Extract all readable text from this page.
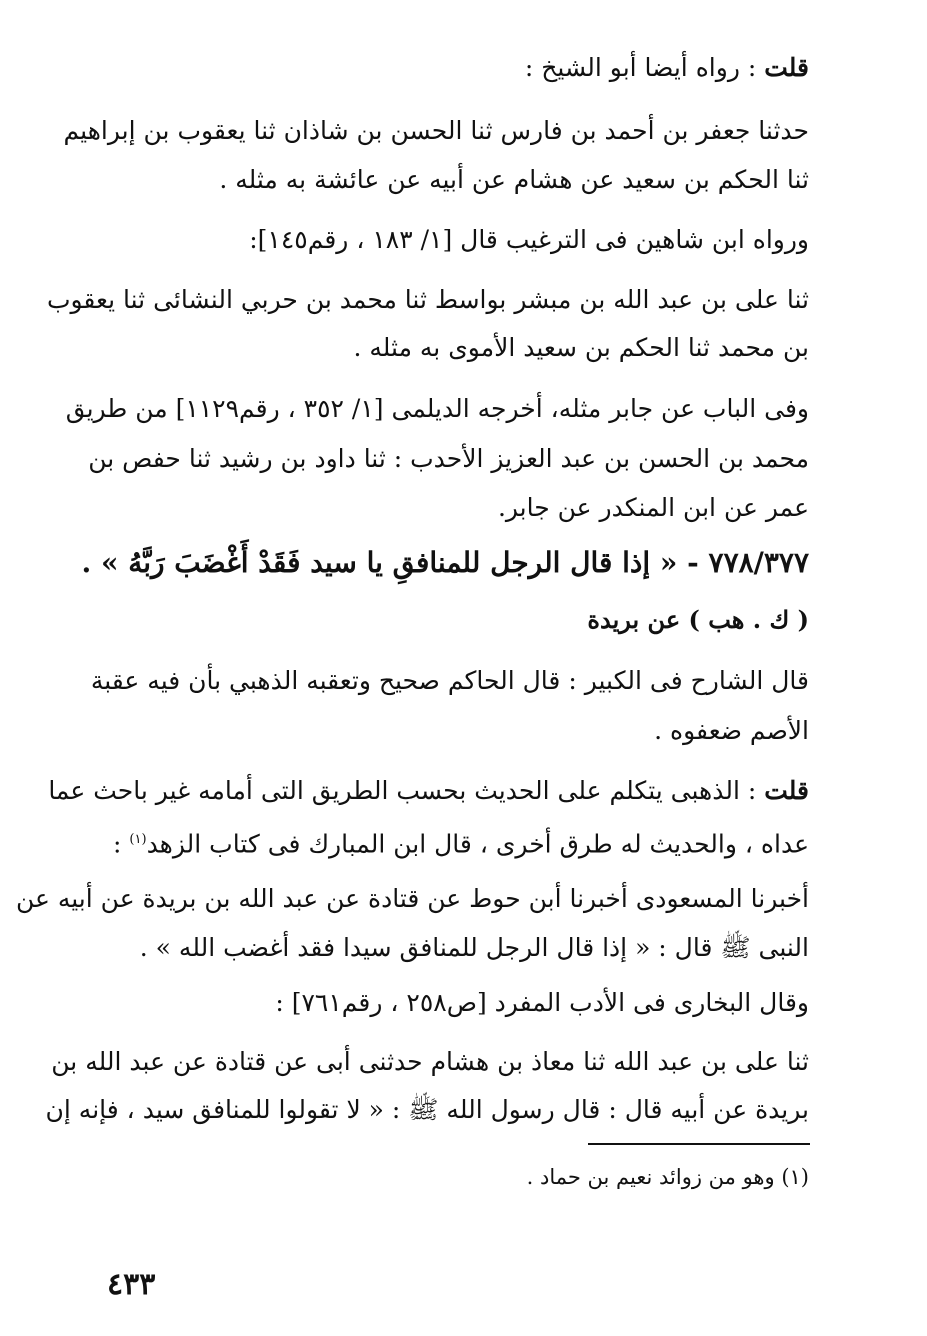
قلت : رواه أيضا أبو الشيخ :
حدثنا جعفر بن أحمد بن فارس ثنا الحسن بن شاذان ثنا يعقوب بن إبراهيم
ثنا الحكم بن سعيد عن هشام عن أبيه عن عائشة به مثله .
ورواه ابن شاهين فى الترغيب قال [١/ ١٨٣ ، رقم١٤٥]:
ثنا على بن عبد الله بن مبشر بواسط ثنا محمد بن حربي النشائى ثنا يعقوب
بن محمد ثنا الحكم بن سعيد الأموى به مثله .
وفى الباب عن جابر مثله، أخرجه الديلمى [١/ ٣٥٢ ، رقم١١٢٩] من طريق
محمد بن الحسن بن عبد العزيز الأحدب : ثنا داود بن رشيد ثنا حفص بن
عمر عن ابن المنكدر عن جابر.
٧٧٨/٣٧٧ - « إذا قال الرجل للمنافقِ يا سيد فَقَدْ أَغْضَبَ رَبَّهُ » .
( ك . هب ) عن بريدة
قال الشارح فى الكبير : قال الحاكم صحيح وتعقبه الذهبي بأن فيه عقبة
الأصم ضعفوه .
قلت : الذهبى يتكلم على الحديث بحسب الطريق التى أمامه غير باحث عما
عداه ، والحديث له طرق أخرى ، قال ابن المبارك فى كتاب الزهد$^{(١)}$ :
أخبرنا المسعودى أخبرنا أبن حوط عن قتادة عن عبد الله بن بريدة عن أبيه عن
النبى ﷺ قال : « إذا قال الرجل للمنافق سيدا فقد أغضب الله » .
وقال البخارى فى الأدب المفرد [ص٢٥٨ ، رقم٧٦١] :
ثنا على بن عبد الله ثنا معاذ بن هشام حدثنى أبى عن قتادة عن عبد الله بن
بريدة عن أبيه قال : قال رسول الله ﷺ : « لا تقولوا للمنافق سيد ، فإنه إن
(١) وهو من زوائد نعيم بن حماد .
٤٣٣
